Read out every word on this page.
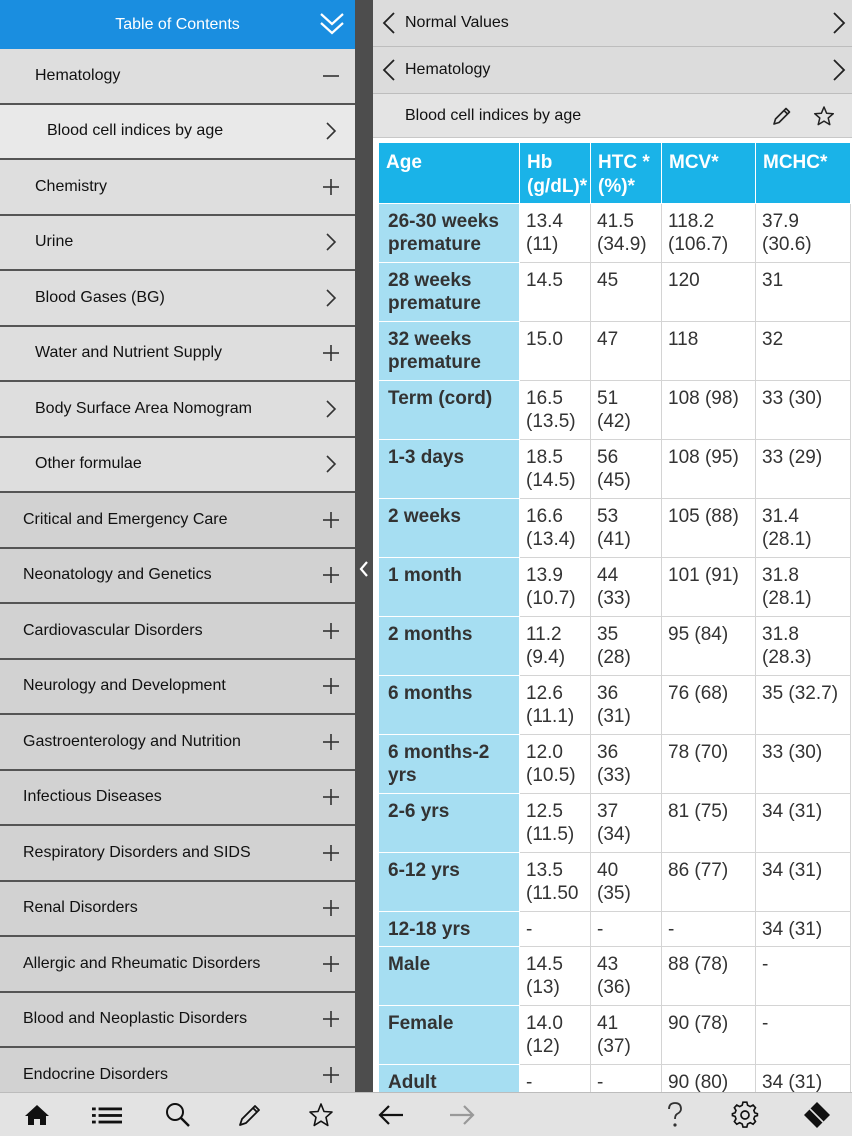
Table of Contents
Hematology
Blood cell indices by age
Chemistry
Urine
Blood Gases (BG)
Water and Nutrient Supply
Body Surface Area Nomogram
Other formulae
Critical and Emergency Care
Neonatology and Genetics
Cardiovascular Disorders
Neurology and Development
Gastroenterology and Nutrition
Infectious Diseases
Respiratory Disorders and SIDS
Renal Disorders
Allergic and Rheumatic Disorders
Blood and Neoplastic Disorders
Endocrine Disorders
Normal Values
Hematology
Blood cell indices by age
Age	Hb (g/dL)*	HTC *(%)*	MCV*	MCHC*
26-30 weeks premature	13.4 (11)	41.5 (34.9)	118.2 (106.7)	37.9 (30.6)
28 weeks premature	14.5	45	120	31
32 weeks premature	15.0	47	118	32
Term (cord)	16.5 (13.5)	51 (42)	108 (98)	33 (30)
1-3 days	18.5 (14.5)	56 (45)	108 (95)	33 (29)
2 weeks	16.6 (13.4)	53 (41)	105 (88)	31.4 (28.1)
1 month	13.9 (10.7)	44 (33)	101 (91)	31.8 (28.1)
2 months	11.2 (9.4)	35 (28)	95 (84)	31.8 (28.3)
6 months	12.6 (11.1)	36 (31)	76 (68)	35 (32.7)
6 months-2 yrs	12.0 (10.5)	36 (33)	78 (70)	33 (30)
2-6 yrs	12.5 (11.5)	37 (34)	81 (75)	34 (31)
6-12 yrs	13.5 (11.50	40 (35)	86 (77)	34 (31)
12-18 yrs	-	-	-	34 (31)
Male	14.5 (13)	43 (36)	88 (78)	-
Female	14.0 (12)	41 (37)	90 (78)	-
Adult	-	-	90 (80)	34 (31)
